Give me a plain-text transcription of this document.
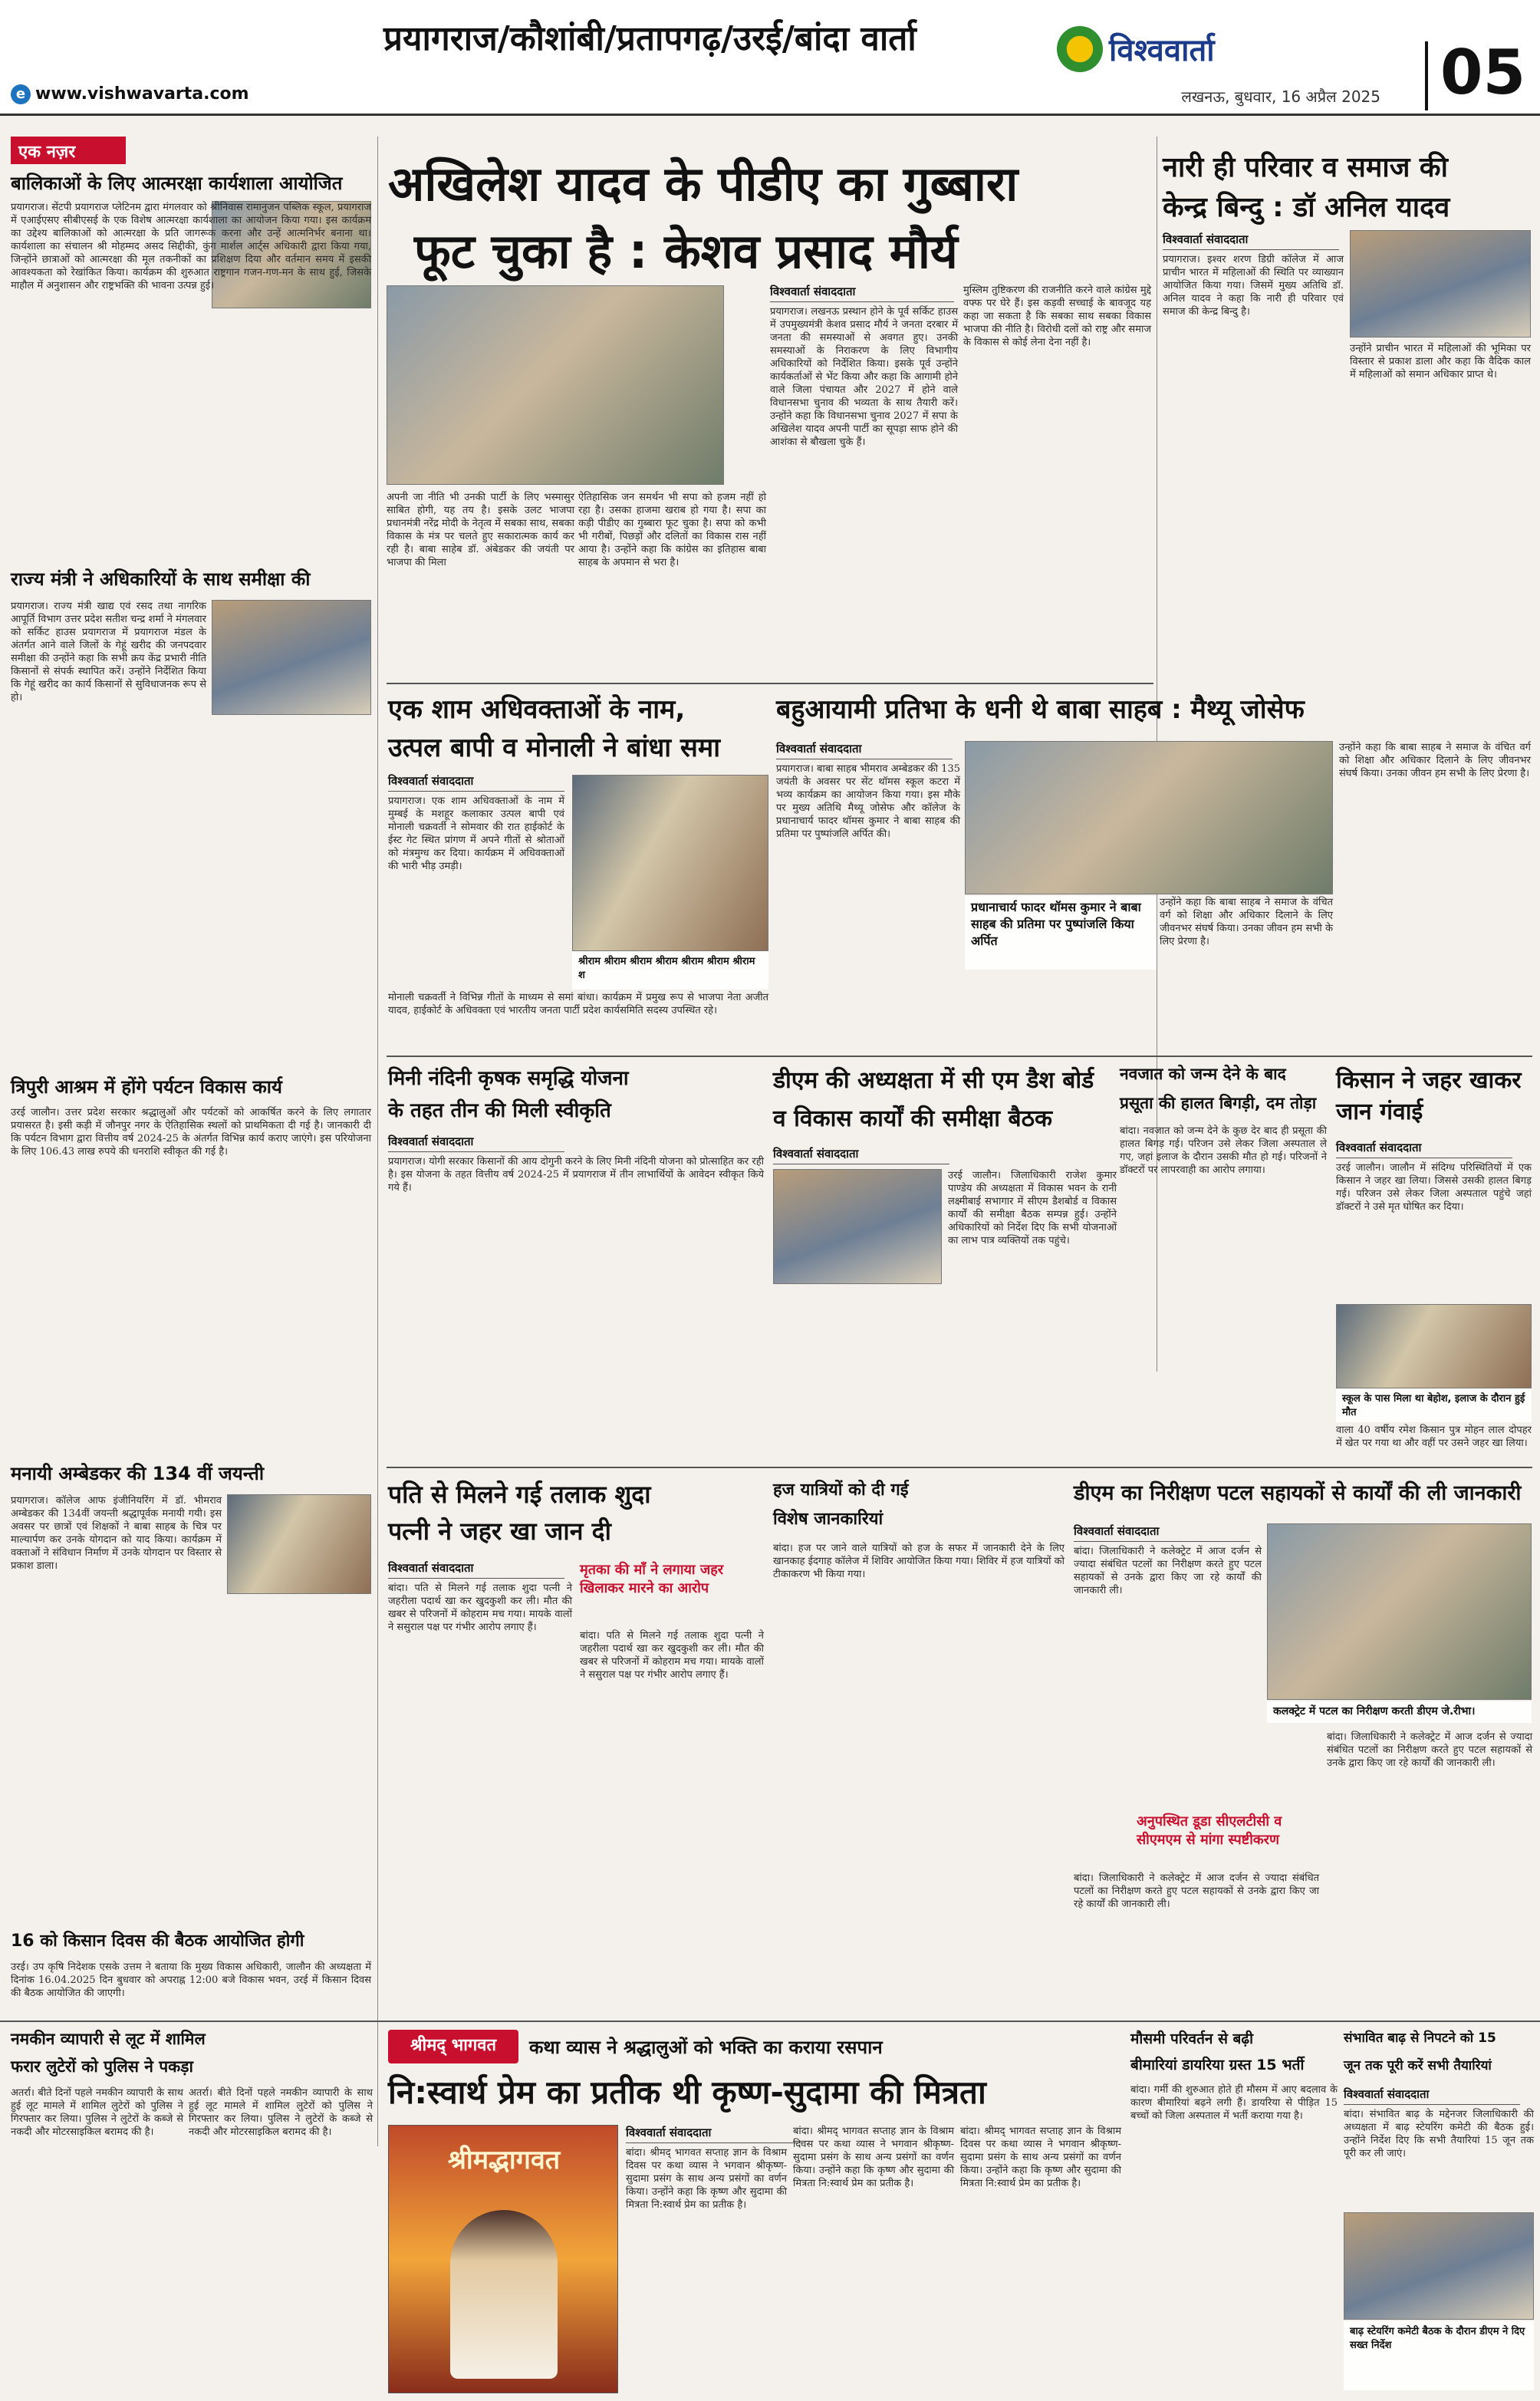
e www.vishwavarta.com
प्रयागराज/कौशांबी/प्रतापगढ़/उरई/बांदा वार्ता	विश्ववार्ता
लखनऊ, बुधवार, 16 अप्रैल 2025 05
एक नज़र
बालिकाओं के लिए आत्मरक्षा कार्यशाला आयोजित
प्रयागराज। सेंटपी प्रयागराज प्लेटिनम द्वारा मंगलवार को श्रीनिवास रामानुजन पब्लिक स्कूल, प्रयागराज में एआईएसए सीबीएसई के एक विशेष आत्मरक्षा कार्यशाला का आयोजन किया गया। इस कार्यक्रम का उद्देश्य बालिकाओं को आत्मरक्षा के प्रति जागरूक करना और उन्हें आत्मनिर्भर बनाना था। कार्यशाला का संचालन श्री मोहम्मद असद सिद्दीकी, कुंग मार्शल आर्ट्स अधिकारी द्वारा किया गया, जिन्होंने छात्राओं को आत्मरक्षा की मूल तकनीकों का प्रशिक्षण दिया और वर्तमान समय में इसकी आवश्यकता को रेखांकित किया। कार्यक्रम की शुरुआत राष्ट्रगान गजन-गण-मन के साथ हुई, जिसके माहौल में अनुशासन और राष्ट्रभक्ति की भावना उत्पन्न हुई।
राज्य मंत्री ने अधिकारियों के साथ समीक्षा की
प्रयागराज। राज्य मंत्री खाद्य एवं रसद तथा नागरिक आपूर्ति विभाग उत्तर प्रदेश सतीश चन्द्र शर्मा ने मंगलवार को सर्किट हाउस प्रयागराज में प्रयागराज मंडल के अंतर्गत आने वाले जिलों के गेहूं खरीद की जनपदवार समीक्षा की उन्होंने कहा कि सभी क्रय केंद्र प्रभारी नीति किसानों से संपर्क स्थापित करें। उन्होंने निर्देशित किया कि गेहूं खरीद का कार्य किसानों से सुविधाजनक रूप से हो।
त्रिपुरी आश्रम में होंगे पर्यटन विकास कार्य
उरई जालौन। उत्तर प्रदेश सरकार श्रद्धालुओं और पर्यटकों को आकर्षित करने के लिए लगातार प्रयासरत है। इसी कड़ी में जौनपुर नगर के ऐतिहासिक स्थलों को प्राथमिकता दी गई है। जानकारी दी कि पर्यटन विभाग द्वारा वित्तीय वर्ष 2024-25 के अंतर्गत विभिन्न कार्य कराए जाएंगे। इस परियोजना के लिए 106.43 लाख रुपये की धनराशि स्वीकृत की गई है।
मनायी अम्बेडकर की 134 वीं जयन्ती
प्रयागराज। कॉलेज आफ इंजीनियरिंग में डॉ. भीमराव अम्बेडकर की 134वीं जयन्ती श्रद्धापूर्वक मनायी गयी। इस अवसर पर छात्रों एवं शिक्षकों ने बाबा साहब के चित्र पर माल्यार्पण कर उनके योगदान को याद किया। कार्यक्रम में वक्ताओं ने संविधान निर्माण में उनके योगदान पर विस्तार से प्रकाश डाला।
16 को किसान दिवस की बैठक आयोजित होगी
उरई। उप कृषि निदेशक एसके उत्तम ने बताया कि मुख्य विकास अधिकारी, जालौन की अध्यक्षता में दिनांक 16.04.2025 दिन बुधवार को अपराह्न 12:00 बजे विकास भवन, उरई में किसान दिवस की बैठक आयोजित की जाएगी।
अखिलेश यादव के पीडीए का गुब्बारा
फूट चुका है : केशव प्रसाद मौर्य
विश्ववार्ता संवाददाता
प्रयागराज। लखनऊ प्रस्थान होने के पूर्व सर्किट हाउस में उपमुख्यमंत्री केशव प्रसाद मौर्य ने जनता दरबार में जनता की समस्याओं से अवगत हुए। उनकी समस्याओं के निराकरण के लिए विभागीय अधिकारियों को निर्देशित किया। इसके पूर्व उन्होंने कार्यकर्ताओं से भेंट किया और कहा कि आगामी होने वाले जिला पंचायत और 2027 में होने वाले विधानसभा चुनाव की भव्यता के साथ तैयारी करें। उन्होंने कहा कि विधानसभा चुनाव 2027 में सपा के अखिलेश यादव अपनी पार्टी का सूपड़ा साफ होने की आशंका से बौखला चुके हैं।
अपनी जा नीति भी उनकी पार्टी के लिए भस्मासुर साबित होगी, यह तय है। इसके उलट भाजपा प्रधानमंत्री नरेंद्र मोदी के नेतृत्व में सबका साथ, सबका विकास के मंत्र पर चलते हुए सकारात्मक कार्य कर रही है। बाबा साहेब डॉ. अंबेडकर की जयंती पर भाजपा की मिला
ऐतिहासिक जन समर्थन भी सपा को हजम नहीं हो रहा है। उसका हाजमा खराब हो गया है। सपा का कड़ी पीडीए का गुब्बारा फूट चुका है। सपा को कभी भी गरीबों, पिछड़ों और दलितों का विकास रास नहीं आया है। उन्होंने कहा कि कांग्रेस का इतिहास बाबा साहब के अपमान से भरा है।
मुस्लिम तुष्टिकरण की राजनीति करने वाले कांग्रेस मुद्दे वफ्फ पर घेरे हैं। इस कड़वी सच्चाई के बावजूद यह कहा जा सकता है कि सबका साथ सबका विकास भाजपा की नीति है। विरोधी दलों को राष्ट्र और समाज के विकास से कोई लेना देना नहीं है।
नारी ही परिवार व समाज की
केन्द्र बिन्दु : डॉ अनिल यादव
विश्ववार्ता संवाददाता
प्रयागराज। इश्वर शरण डिग्री कॉलेज में आज प्राचीन भारत में महिलाओं की स्थिति पर व्याख्यान आयोजित किया गया। जिसमें मुख्य अतिथि डॉ. अनिल यादव ने कहा कि नारी ही परिवार एवं समाज की केन्द्र बिन्दु है।
उन्होंने प्राचीन भारत में महिलाओं की भूमिका पर विस्तार से प्रकाश डाला और कहा कि वैदिक काल में महिलाओं को समान अधिकार प्राप्त थे।
एक शाम अधिवक्ताओं के नाम,
उत्पल बापी व मोनाली ने बांधा समा
विश्ववार्ता संवाददाता
प्रयागराज। एक शाम अधिवक्ताओं के नाम में मुम्बई के मशहूर कलाकार उत्पल बापी एवं मोनाली चक्रवर्ती ने सोमवार की रात हाईकोर्ट के ईस्ट गेट स्थित प्रांगण में अपने गीतों से श्रोताओं को मंत्रमुग्ध कर दिया। कार्यक्रम में अधिवक्ताओं की भारी भीड़ उमड़ी।
श्रीराम श्रीराम श्रीराम श्रीराम श्रीराम श्रीराम श्रीराम श
मोनाली चक्रवर्ती ने विभिन्न गीतों के माध्यम से समां बांधा। कार्यक्रम में प्रमुख रूप से भाजपा नेता अजीत यादव, हाईकोर्ट के अधिवक्ता एवं भारतीय जनता पार्टी प्रदेश कार्यसमिति सदस्य उपस्थित रहे।
बहुआयामी प्रतिभा के धनी थे बाबा साहब : मैथ्यू जोसेफ
विश्ववार्ता संवाददाता
प्रयागराज। बाबा साहब भीमराव अम्बेडकर की 135 जयंती के अवसर पर सेंट थॉमस स्कूल कटरा में भव्य कार्यक्रम का आयोजन किया गया। इस मौके पर मुख्य अतिथि मैथ्यू जोसेफ और कॉलेज के प्रधानाचार्य फादर थॉमस कुमार ने बाबा साहब की प्रतिमा पर पुष्पांजलि अर्पित की।
प्रधानाचार्य फादर थॉमस कुमार ने बाबा साहब की प्रतिमा पर पुष्पांजलि किया अर्पित
उन्होंने कहा कि बाबा साहब ने समाज के वंचित वर्ग को शिक्षा और अधिकार दिलाने के लिए जीवनभर संघर्ष किया। उनका जीवन हम सभी के लिए प्रेरणा है।
उन्होंने कहा कि बाबा साहब ने समाज के वंचित वर्ग को शिक्षा और अधिकार दिलाने के लिए जीवनभर संघर्ष किया। उनका जीवन हम सभी के लिए प्रेरणा है।
मिनी नंदिनी कृषक समृद्धि योजना
के तहत तीन की मिली स्वीकृति
विश्ववार्ता संवाददाता
प्रयागराज। योगी सरकार किसानों की आय दोगुनी करने के लिए मिनी नंदिनी योजना को प्रोत्साहित कर रही है। इस योजना के तहत वित्तीय वर्ष 2024-25 में प्रयागराज में तीन लाभार्थियों के आवेदन स्वीकृत किये गये हैं।
डीएम की अध्यक्षता में सी एम डैश बोर्ड
व विकास कार्यों की समीक्षा बैठक
विश्ववार्ता संवाददाता
उरई जालौन। जिलाधिकारी राजेश कुमार पाण्डेय की अध्यक्षता में विकास भवन के रानी लक्ष्मीबाई सभागार में सीएम डैशबोर्ड व विकास कार्यों की समीक्षा बैठक सम्पन्न हुई। उन्होंने अधिकारियों को निर्देश दिए कि सभी योजनाओं का लाभ पात्र व्यक्तियों तक पहुंचे।
नवजात को जन्म देने के बाद
प्रसूता की हालत बिगड़ी, दम तोड़ा
बांदा। नवजात को जन्म देने के कुछ देर बाद ही प्रसूता की हालत बिगड़ गई। परिजन उसे लेकर जिला अस्पताल ले गए, जहां इलाज के दौरान उसकी मौत हो गई। परिजनों ने डॉक्टरों पर लापरवाही का आरोप लगाया।
किसान ने जहर खाकर जान गंवाई
विश्ववार्ता संवाददाता
उरई जालौन। जालौन में संदिग्ध परिस्थितियों में एक किसान ने जहर खा लिया। जिससे उसकी हालत बिगड़ गई। परिजन उसे लेकर जिला अस्पताल पहुंचे जहां डॉक्टरों ने उसे मृत घोषित कर दिया।
स्कूल के पास मिला था बेहोश, इलाज के दौरान हुई मौत
वाला 40 वर्षीय रमेश किसान पुत्र मोहन लाल दोपहर में खेत पर गया था और वहीं पर उसने जहर खा लिया।
पति से मिलने गई तलाक शुदा
पत्नी ने जहर खा जान दी
विश्ववार्ता संवाददाता
बांदा। पति से मिलने गई तलाक शुदा पत्नी ने जहरीला पदार्थ खा कर खुदकुशी कर ली। मौत की खबर से परिजनों में कोहराम मच गया। मायके वालों ने ससुराल पक्ष पर गंभीर आरोप लगाए हैं।
मृतका की माँ ने लगाया जहर खिलाकर मारने का आरोप
बांदा। पति से मिलने गई तलाक शुदा पत्नी ने जहरीला पदार्थ खा कर खुदकुशी कर ली। मौत की खबर से परिजनों में कोहराम मच गया। मायके वालों ने ससुराल पक्ष पर गंभीर आरोप लगाए हैं।
हज यात्रियों को दी गई
विशेष जानकारियां
बांदा। हज पर जाने वाले यात्रियों को हज के सफर में जानकारी देने के लिए खानकाह ईदगाह कॉलेज में शिविर आयोजित किया गया। शिविर में हज यात्रियों को टीकाकरण भी किया गया।
डीएम का निरीक्षण पटल सहायकों से कार्यों की ली जानकारी
विश्ववार्ता संवाददाता
बांदा। जिलाधिकारी ने कलेक्ट्रेट में आज दर्जन से ज्यादा संबंधित पटलों का निरीक्षण करते हुए पटल सहायकों से उनके द्वारा किए जा रहे कार्यों की जानकारी ली।
कलक्ट्रेट में पटल का निरीक्षण करती डीएम जे.रीभा।
अनुपस्थित डूडा सीएलटीसी व सीएमएम से मांगा स्पष्टीकरण
बांदा। जिलाधिकारी ने कलेक्ट्रेट में आज दर्जन से ज्यादा संबंधित पटलों का निरीक्षण करते हुए पटल सहायकों से उनके द्वारा किए जा रहे कार्यों की जानकारी ली।
बांदा। जिलाधिकारी ने कलेक्ट्रेट में आज दर्जन से ज्यादा संबंधित पटलों का निरीक्षण करते हुए पटल सहायकों से उनके द्वारा किए जा रहे कार्यों की जानकारी ली।
नमकीन व्यापारी से लूट में शामिल
फरार लुटेरों को पुलिस ने पकड़ा
अतर्रा। बीते दिनों पहले नमकीन व्यापारी के साथ हुई लूट मामले में शामिल लुटेरों को पुलिस ने गिरफ्तार कर लिया। पुलिस ने लुटेरों के कब्जे से नकदी और मोटरसाइकिल बरामद की है।
अतर्रा। बीते दिनों पहले नमकीन व्यापारी के साथ हुई लूट मामले में शामिल लुटेरों को पुलिस ने गिरफ्तार कर लिया। पुलिस ने लुटेरों के कब्जे से नकदी और मोटरसाइकिल बरामद की है।
श्रीमद् भागवत	कथा व्यास ने श्रद्धालुओं को भक्ति का कराया रसपान
नि:स्वार्थ प्रेम का प्रतीक थी कृष्ण-सुदामा की मित्रता
श्रीमद्भागवत
विश्ववार्ता संवाददाता
बांदा। श्रीमद् भागवत सप्ताह ज्ञान के विश्राम दिवस पर कथा व्यास ने भगवान श्रीकृष्ण-सुदामा प्रसंग के साथ अन्य प्रसंगों का वर्णन किया। उन्होंने कहा कि कृष्ण और सुदामा की मित्रता नि:स्वार्थ प्रेम का प्रतीक है।
बांदा। श्रीमद् भागवत सप्ताह ज्ञान के विश्राम दिवस पर कथा व्यास ने भगवान श्रीकृष्ण-सुदामा प्रसंग के साथ अन्य प्रसंगों का वर्णन किया। उन्होंने कहा कि कृष्ण और सुदामा की मित्रता नि:स्वार्थ प्रेम का प्रतीक है।
बांदा। श्रीमद् भागवत सप्ताह ज्ञान के विश्राम दिवस पर कथा व्यास ने भगवान श्रीकृष्ण-सुदामा प्रसंग के साथ अन्य प्रसंगों का वर्णन किया। उन्होंने कहा कि कृष्ण और सुदामा की मित्रता नि:स्वार्थ प्रेम का प्रतीक है।
मौसमी परिवर्तन से बढ़ी
बीमारियां डायरिया ग्रस्त 15 भर्ती
बांदा। गर्मी की शुरुआत होते ही मौसम में आए बदलाव के कारण बीमारियां बढ़ने लगी हैं। डायरिया से पीड़ित 15 बच्चों को जिला अस्पताल में भर्ती कराया गया है।
संभावित बाढ़ से निपटने को 15
जून तक पूरी करें सभी तैयारियां
विश्ववार्ता संवाददाता
बांदा। संभावित बाढ़ के मद्देनजर जिलाधिकारी की अध्यक्षता में बाढ़ स्टेयरिंग कमेटी की बैठक हुई। उन्होंने निर्देश दिए कि सभी तैयारियां 15 जून तक पूरी कर ली जाएं।
बाढ़ स्टेयरिंग कमेटी बैठक के दौरान डीएम ने दिए सख्त निर्देश
